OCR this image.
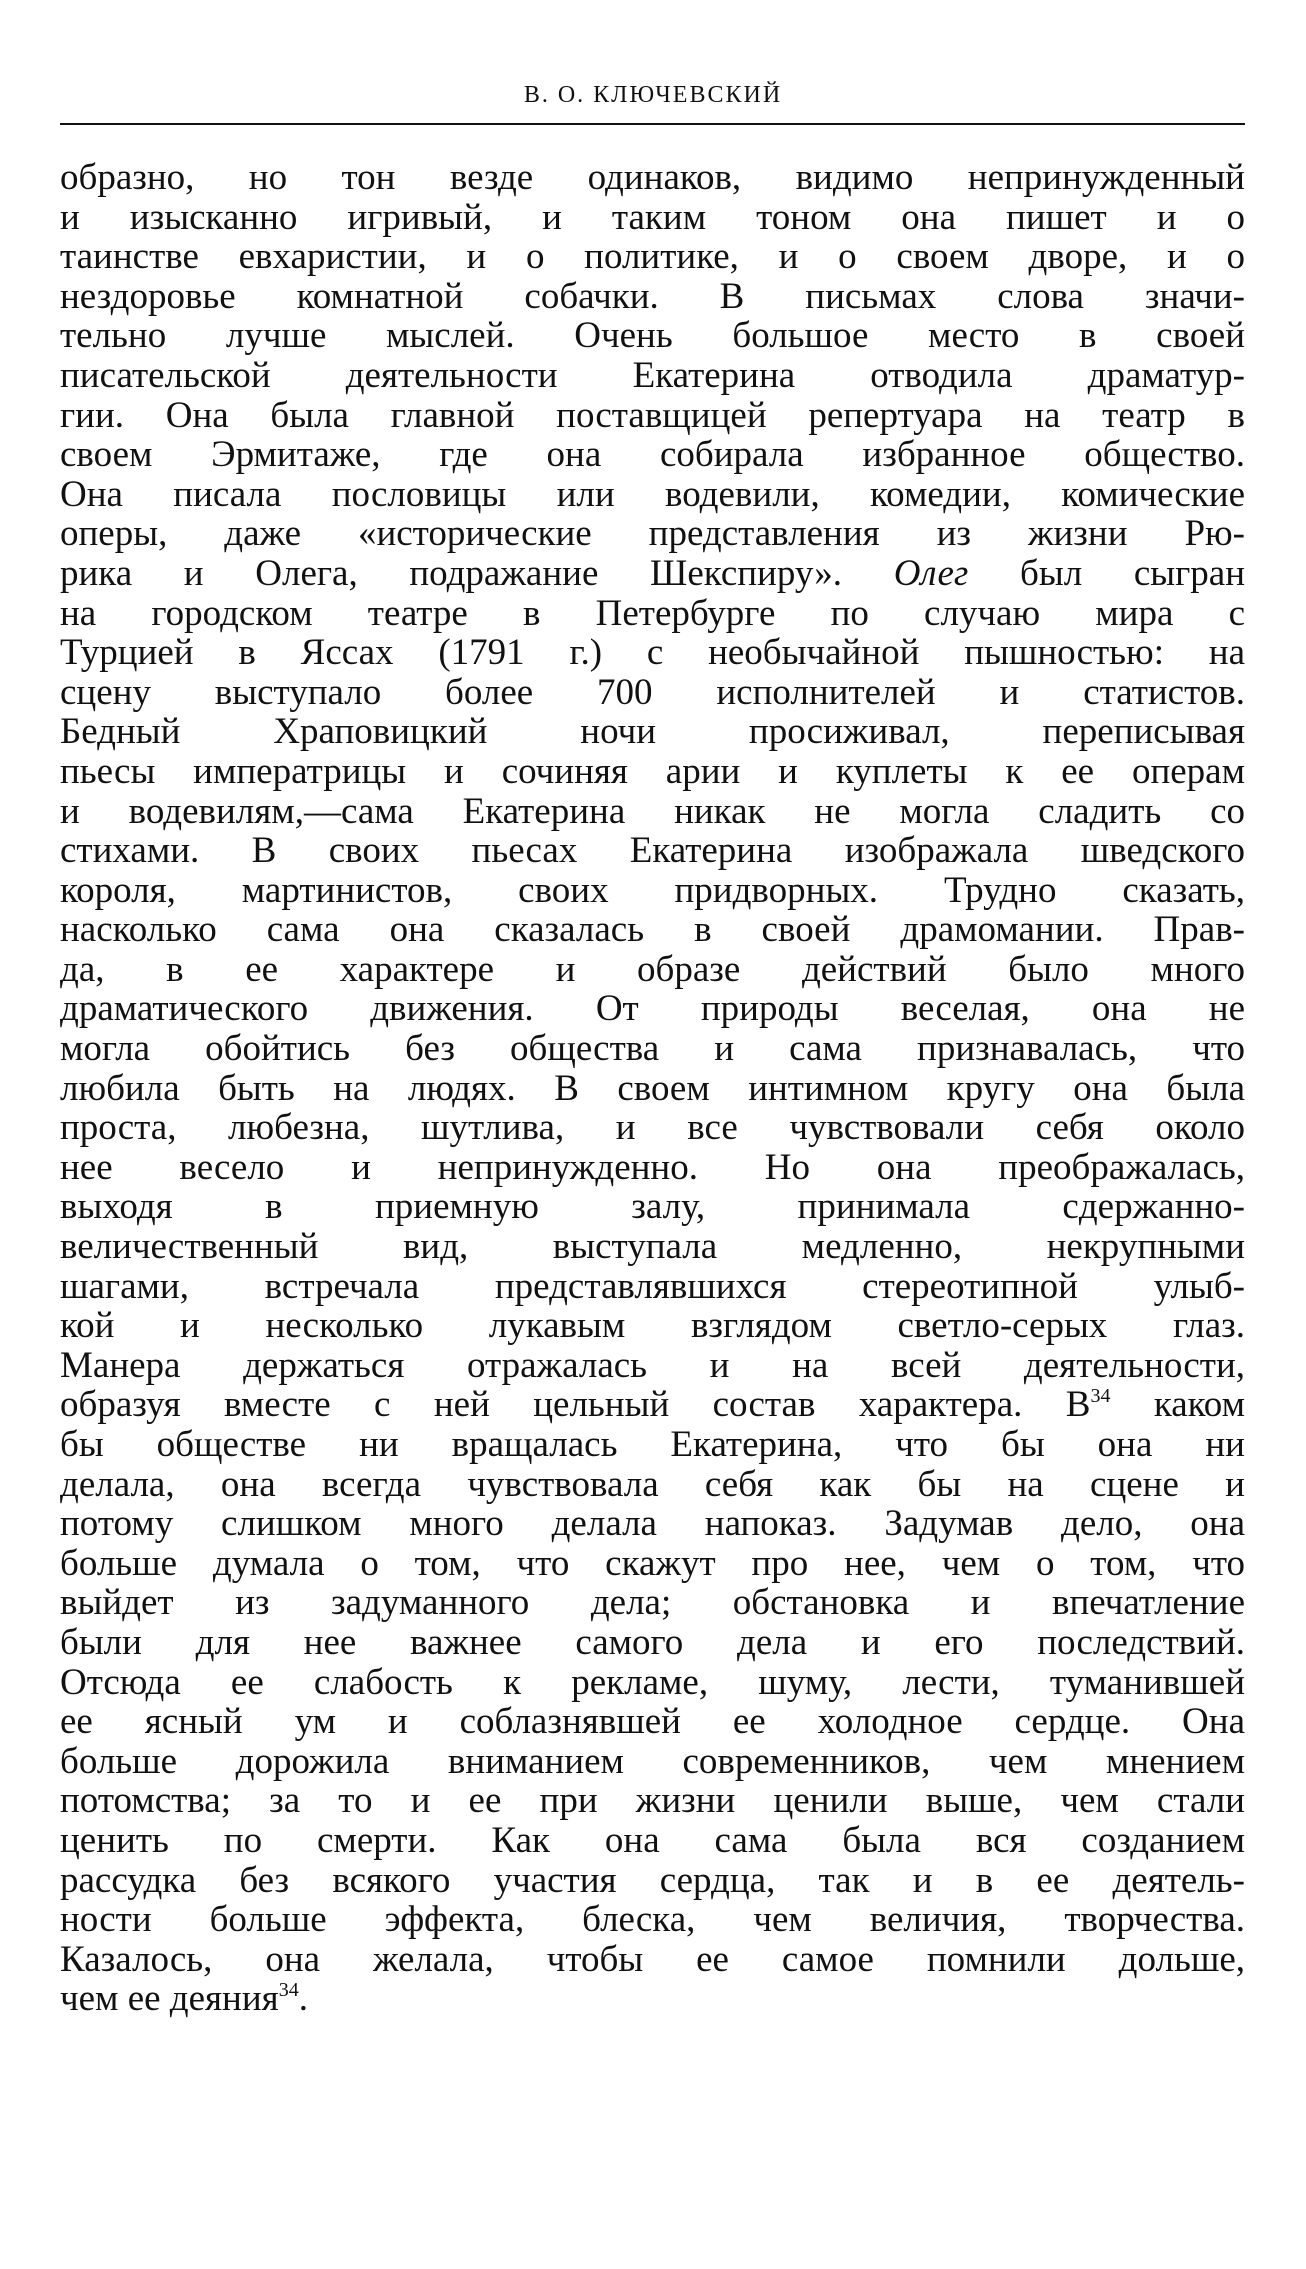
В. О. КЛЮЧЕВСКИЙ
образно, но тон везде одинаков, видимо непринужденный
и изысканно игривый, и таким тоном она пишет и о
таинстве евхаристии, и о политике, и о своем дворе, и о
нездоровье комнатной собачки. В письмах слова значи-
тельно лучше мыслей. Очень большое место в своей
писательской деятельности Екатерина отводила драматур-
гии. Она была главной поставщицей репертуара на театр в
своем Эрмитаже, где она собирала избранное общество.
Она писала пословицы или водевили, комедии, комические
оперы, даже «исторические представления из жизни Рю-
рика и Олега, подражание Шекспиру». Олег был сыгран
на городском театре в Петербурге по случаю мира с
Турцией в Яссах (1791 г.) с необычайной пышностью: на
сцену выступало более 700 исполнителей и статистов.
Бедный Храповицкий ночи просиживал, переписывая
пьесы императрицы и сочиняя арии и куплеты к ее операм
и водевилям,—сама Екатерина никак не могла сладить со
стихами. В своих пьесах Екатерина изображала шведского
короля, мартинистов, своих придворных. Трудно сказать,
насколько сама она сказалась в своей драмомании. Прав-
да, в ее характере и образе действий было много
драматического движения. От природы веселая, она не
могла обойтись без общества и сама признавалась, что
любила быть на людях. В своем интимном кругу она была
проста, любезна, шутлива, и все чувствовали себя около
нее весело и непринужденно. Но она преображалась,
выходя в приемную залу, принимала сдержанно-
величественный вид, выступала медленно, некрупными
шагами, встречала представлявшихся стереотипной улыб-
кой и несколько лукавым взглядом светло-серых глаз.
Манера держаться отражалась и на всей деятельности,
образуя вместе с ней цельный состав характера. $В^{34}$ каком
бы обществе ни вращалась Екатерина, что бы она ни
делала, она всегда чувствовала себя как бы на сцене и
потому слишком много делала напоказ. Задумав дело, она
больше думала о том, что скажут про нее, чем о том, что
выйдет из задуманного дела; обстановка и впечатление
были для нее важнее самого дела и его последствий.
Отсюда ее слабость к рекламе, шуму, лести, туманившей
ее ясный ум и соблазнявшей ее холодное сердце. Она
больше дорожила вниманием современников, чем мнением
потомства; за то и ее при жизни ценили выше, чем стали
ценить по смерти. Как она сама была вся созданием
рассудка без всякого участия сердца, так и в ее деятель-
ности больше эффекта, блеска, чем величия, творчества.
Казалось, она желала, чтобы ее самое помнили дольше,
чем ее деяния$^{34}$.
